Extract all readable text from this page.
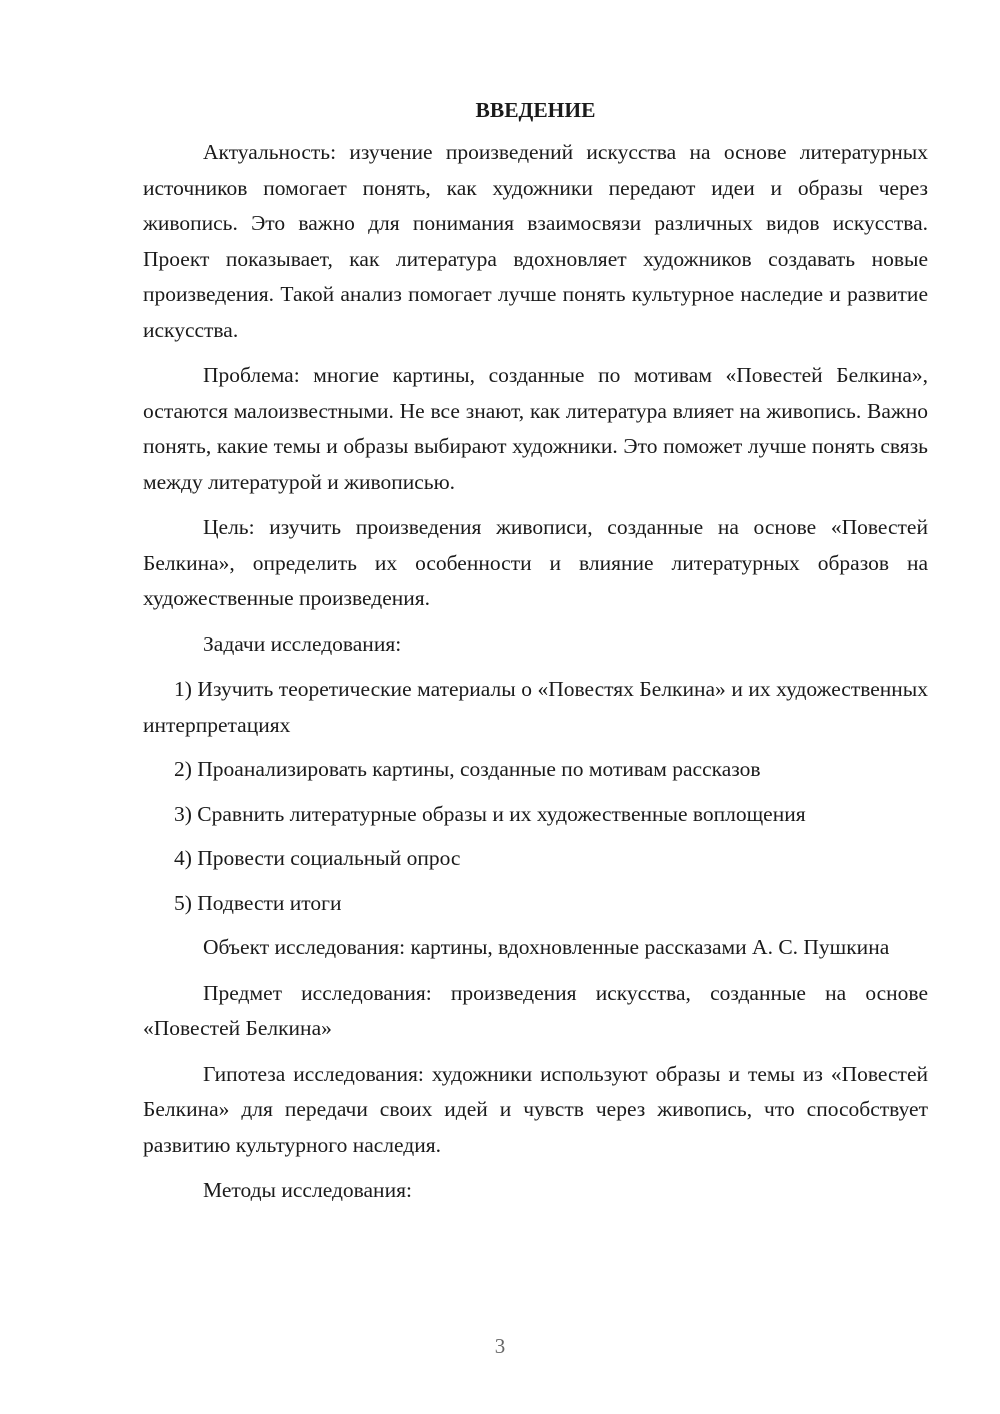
ВВЕДЕНИЕ

Актуальность: изучение произведений искусства на основе литературных источников помогает понять, как художники передают идеи и образы через живопись. Это важно для понимания взаимосвязи различных видов искусства. Проект показывает, как литература вдохновляет художников создавать новые произведения. Такой анализ помогает лучше понять культурное наследие и развитие искусства.

Проблема: многие картины, созданные по мотивам «Повестей Белкина», остаются малоизвестными. Не все знают, как литература влияет на живопись. Важно понять, какие темы и образы выбирают художники. Это поможет лучше понять связь между литературой и живописью.

Цель: изучить произведения живописи, созданные на основе «Повестей Белкина», определить их особенности и влияние литературных образов на художественные произведения.

Задачи исследования:

1) Изучить теоретические материалы о «Повестях Белкина» и их художественных интерпретациях

2) Проанализировать картины, созданные по мотивам рассказов

3) Сравнить литературные образы и их художественные воплощения

4) Провести социальный опрос

5) Подвести итоги

Объект исследования: картины, вдохновленные рассказами А. С. Пушкина

Предмет исследования: произведения искусства, созданные на основе «Повестей Белкина»

Гипотеза исследования: художники используют образы и темы из «Повестей Белкина» для передачи своих идей и чувств через живопись, что способствует развитию культурного наследия.

Методы исследования:

3
